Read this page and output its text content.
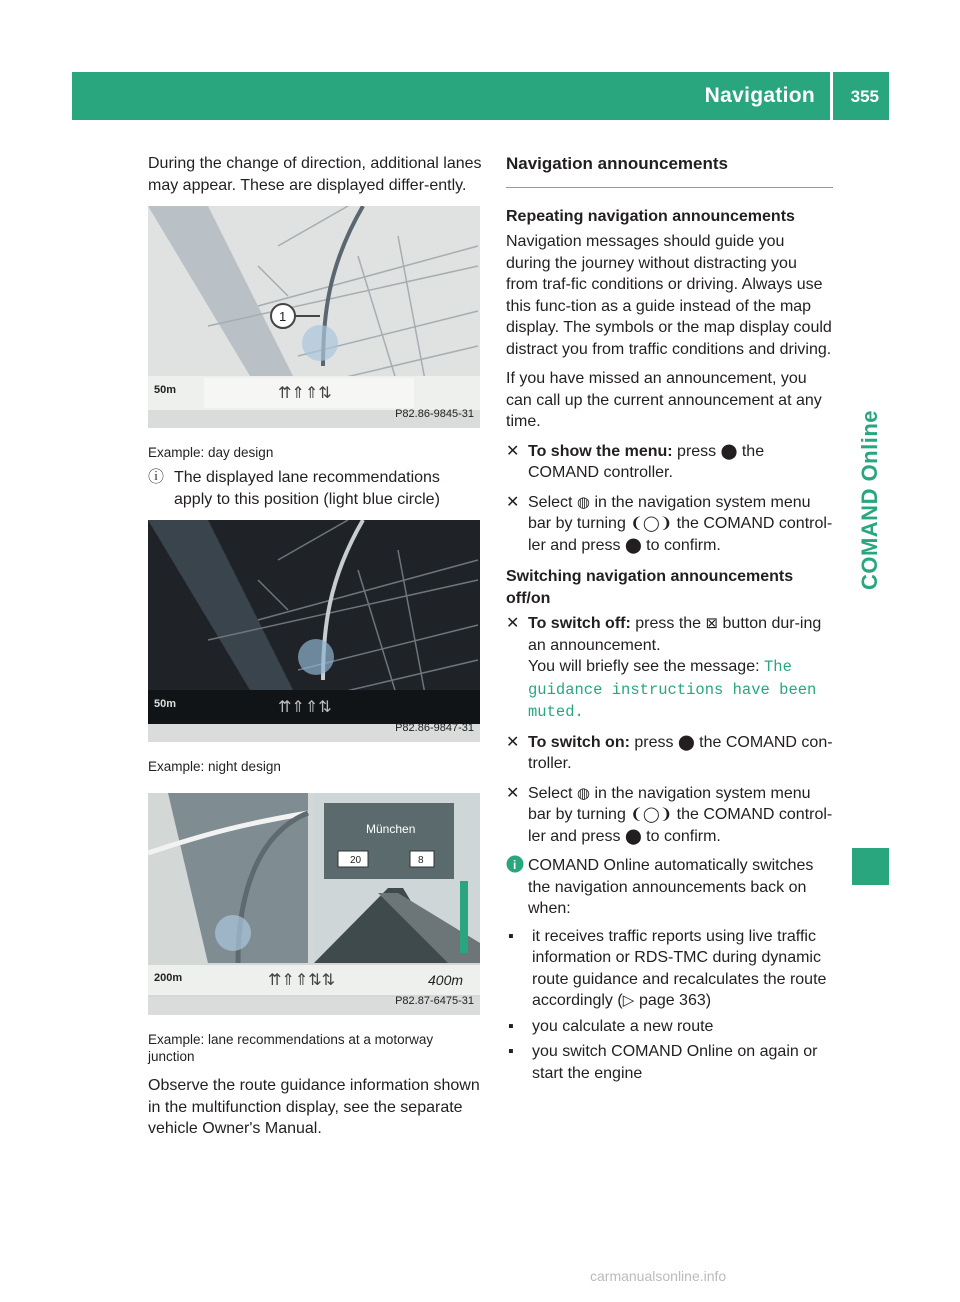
Navigation 355
COMAND Online

During the change of direction, additional lanes may appear. These are displayed differ-ently.

1
50m	⇈⇑⇑⇅
P82.86-9845-31
Example: day design
ⓘ The displayed lane recommendations apply to this position (light blue circle)
50m	⇈⇑⇑⇅
P82.86-9847-31
Example: night design
München
20	8
200m	⇈⇑⇑⇅⇅	400m
P82.87-6475-31
Example: lane recommendations at a motorway junction

Observe the route guidance information shown in the multifunction display, see the separate vehicle Owner's Manual.

Navigation announcements
Repeating navigation announcements

Navigation messages should guide you during the journey without distracting you from traf-fic conditions or driving. Always use this func-tion as a guide instead of the map display. The symbols or the map display could distract you from traffic conditions and driving.

If you have missed an announcement, you can call up the current announcement at any time.

✕ To show the menu: press ⬤ the COMAND controller.
✕ Select ◍ in the navigation system menu bar by turning ❨◯❩ the COMAND control-ler and press ⬤ to confirm.
Switching navigation announcements off/on
✕ To switch off: press the ⊠ button dur-ing an announcement.
You will briefly see the message: The guidance instructions have been muted.
✕ To switch on: press ⬤ the COMAND con-troller.
✕ Select ◍ in the navigation system menu bar by turning ❨◯❩ the COMAND control-ler and press ⬤ to confirm.
i COMAND Online automatically switches the navigation announcements back on when:
▪	it receives traffic reports using live traffic information or RDS-TMC during dynamic route guidance and recalculates the route accordingly (▷ page 363)
▪	you calculate a new route
▪	you switch COMAND Online on again or start the engine
carmanualsonline.info
